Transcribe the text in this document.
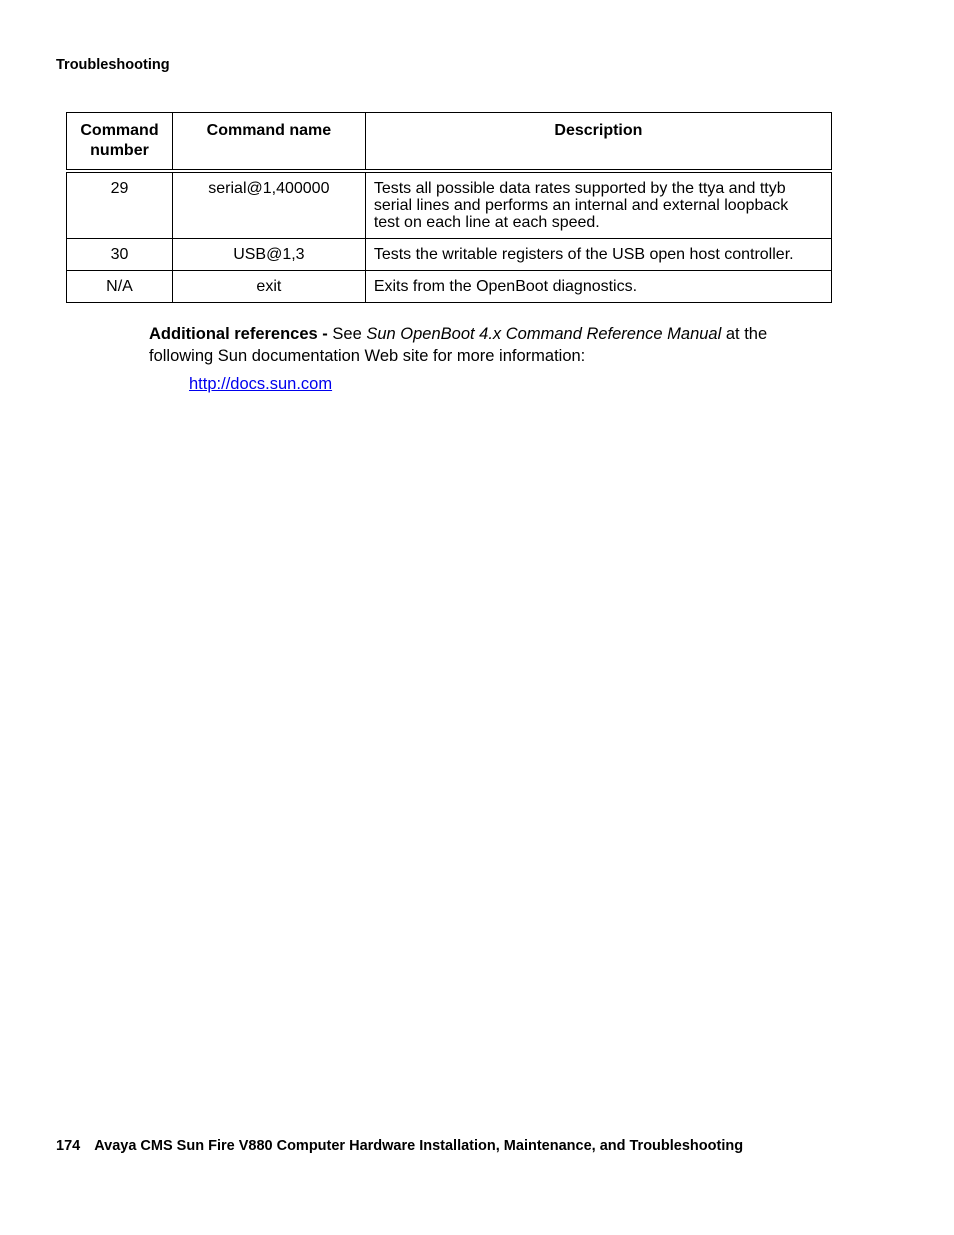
Troubleshooting
Command
number	Command name	Description
29	serial@1,400000	Tests all possible data rates supported by the ttya and ttyb
serial lines and performs an internal and external loopback
test on each line at each speed.
30	USB@1,3	Tests the writable registers of the USB open host controller.
N/A	exit	Exits from the OpenBoot diagnostics.
Additional references - See Sun OpenBoot 4.x Command Reference Manual at the following Sun documentation Web site for more information:
http://docs.sun.com
174 Avaya CMS Sun Fire V880 Computer Hardware Installation, Maintenance, and Troubleshooting
